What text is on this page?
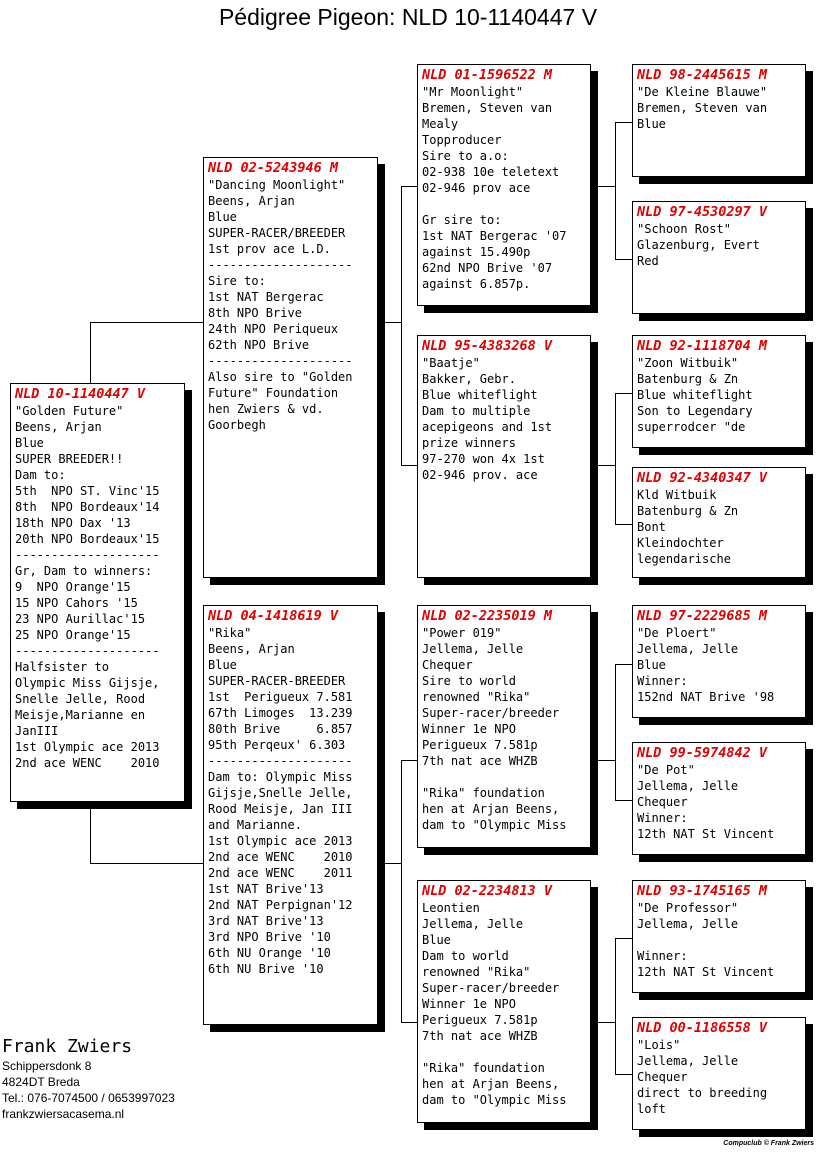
Pédigree Pigeon: NLD 10-1140447 V
NLD 10-1140447 V
"Golden Future"
Beens, Arjan
Blue
SUPER BREEDER!!
Dam to:
5th  NPO ST. Vinc'15
8th  NPO Bordeaux'14
18th NPO Dax '13
20th NPO Bordeaux'15
--------------------
Gr, Dam to winners:
9  NPO Orange'15
15 NPO Cahors '15
23 NPO Aurillac'15
25 NPO Orange'15
--------------------
Halfsister to
Olympic Miss Gijsje,
Snelle Jelle, Rood
Meisje,Marianne en
JanIII
1st Olympic ace 2013
2nd ace WENC    2010
NLD 02-5243946 M
"Dancing Moonlight"
Beens, Arjan
Blue
SUPER-RACER/BREEDER
1st prov ace L.D.
--------------------
Sire to:
1st NAT Bergerac
8th NPO Brive
24th NPO Periqueux
62th NPO Brive
--------------------
Also sire to "Golden
Future" Foundation
hen Zwiers & vd.
Goorbegh
NLD 04-1418619 V
"Rika"
Beens, Arjan
Blue
SUPER-RACER-BREEDER
1st  Perigueux 7.581
67th Limoges  13.239
80th Brive     6.857
95th Perqeux' 6.303
--------------------
Dam to: Olympic Miss
Gijsje,Snelle Jelle,
Rood Meisje, Jan III
and Marianne.
1st Olympic ace 2013
2nd ace WENC    2010
2nd ace WENC    2011
1st NAT Brive'13
2nd NAT Perpignan'12
3rd NAT Brive'13
3rd NPO Brive '10
6th NU Orange '10
6th NU Brive '10
NLD 01-1596522 M
"Mr Moonlight"
Bremen, Steven van
Mealy
Topproducer
Sire to a.o:
02-938 10e teletext
02-946 prov ace

Gr sire to:
1st NAT Bergerac '07
against 15.490p
62nd NPO Brive '07
against 6.857p.
NLD 95-4383268 V
"Baatje"
Bakker, Gebr.
Blue whiteflight
Dam to multiple
acepigeons and 1st
prize winners
97-270 won 4x 1st
02-946 prov. ace
NLD 02-2235019 M
"Power 019"
Jellema, Jelle
Chequer
Sire to world
renowned "Rika"
Super-racer/breeder
Winner 1e NPO
Perigueux 7.581p
7th nat ace WHZB

"Rika" foundation
hen at Arjan Beens,
dam to "Olympic Miss
NLD 02-2234813 V
Leontien
Jellema, Jelle
Blue
Dam to world
renowned "Rika"
Super-racer/breeder
Winner 1e NPO
Perigueux 7.581p
7th nat ace WHZB

"Rika" foundation
hen at Arjan Beens,
dam to "Olympic Miss
NLD 98-2445615 M
"De Kleine Blauwe"
Bremen, Steven van
Blue
NLD 97-4530297 V
"Schoon Rost"
Glazenburg, Evert
Red
NLD 92-1118704 M
"Zoon Witbuik"
Batenburg & Zn
Blue whiteflight
Son to Legendary
superrodcer "de
NLD 92-4340347 V
Kld Witbuik
Batenburg & Zn
Bont
Kleindochter
legendarische
NLD 97-2229685 M
"De Ploert"
Jellema, Jelle
Blue
Winner:
152nd NAT Brive '98
NLD 99-5974842 V
"De Pot"
Jellema, Jelle
Chequer
Winner:
12th NAT St Vincent
NLD 93-1745165 M
"De Professor"
Jellema, Jelle

Winner:
12th NAT St Vincent
NLD 00-1186558 V
"Lois"
Jellema, Jelle
Chequer
direct to breeding
loft
Frank Zwiers
Schippersdonk 8
4824DT Breda
Tel.: 076-7074500 / 0653997023
frankzwiersacasema.nl
Compuclub © Frank Zwiers
